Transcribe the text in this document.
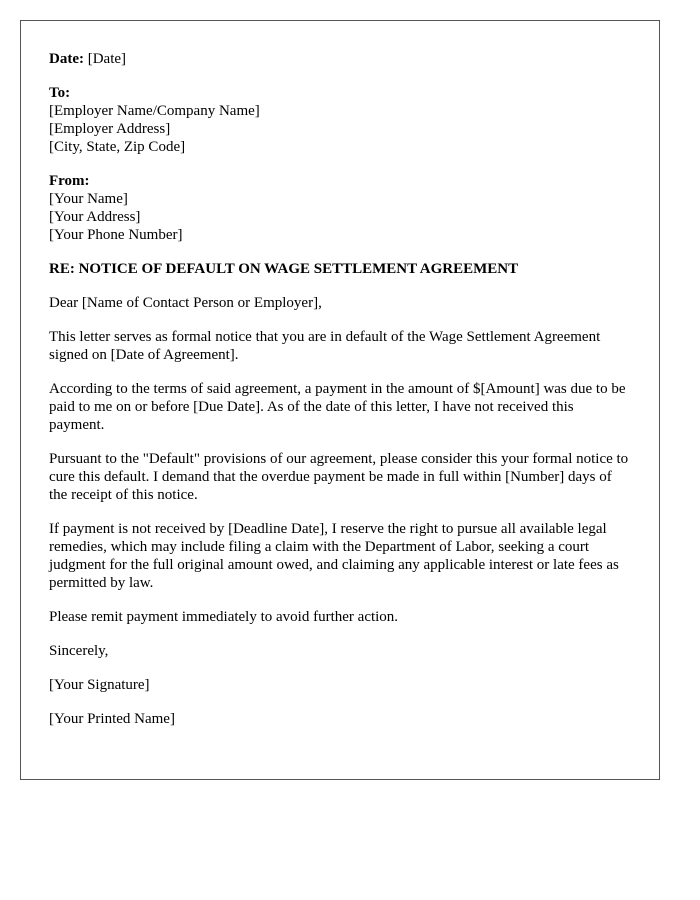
Date: [Date]
To:
[Employer Name/Company Name]
[Employer Address]
[City, State, Zip Code]
From:
[Your Name]
[Your Address]
[Your Phone Number]

RE: NOTICE OF DEFAULT ON WAGE SETTLEMENT AGREEMENT

Dear [Name of Contact Person or Employer],

This letter serves as formal notice that you are in default of the Wage Settlement Agreement signed on [Date of Agreement].

According to the terms of said agreement, a payment in the amount of $[Amount] was due to be paid to me on or before [Due Date]. As of the date of this letter, I have not received this payment.

Pursuant to the "Default" provisions of our agreement, please consider this your formal notice to cure this default. I demand that the overdue payment be made in full within [Number] days of the receipt of this notice.

If payment is not received by [Deadline Date], I reserve the right to pursue all available legal remedies, which may include filing a claim with the Department of Labor, seeking a court judgment for the full original amount owed, and claiming any applicable interest or late fees as permitted by law.

Please remit payment immediately to avoid further action.

Sincerely,

[Your Signature]

[Your Printed Name]
